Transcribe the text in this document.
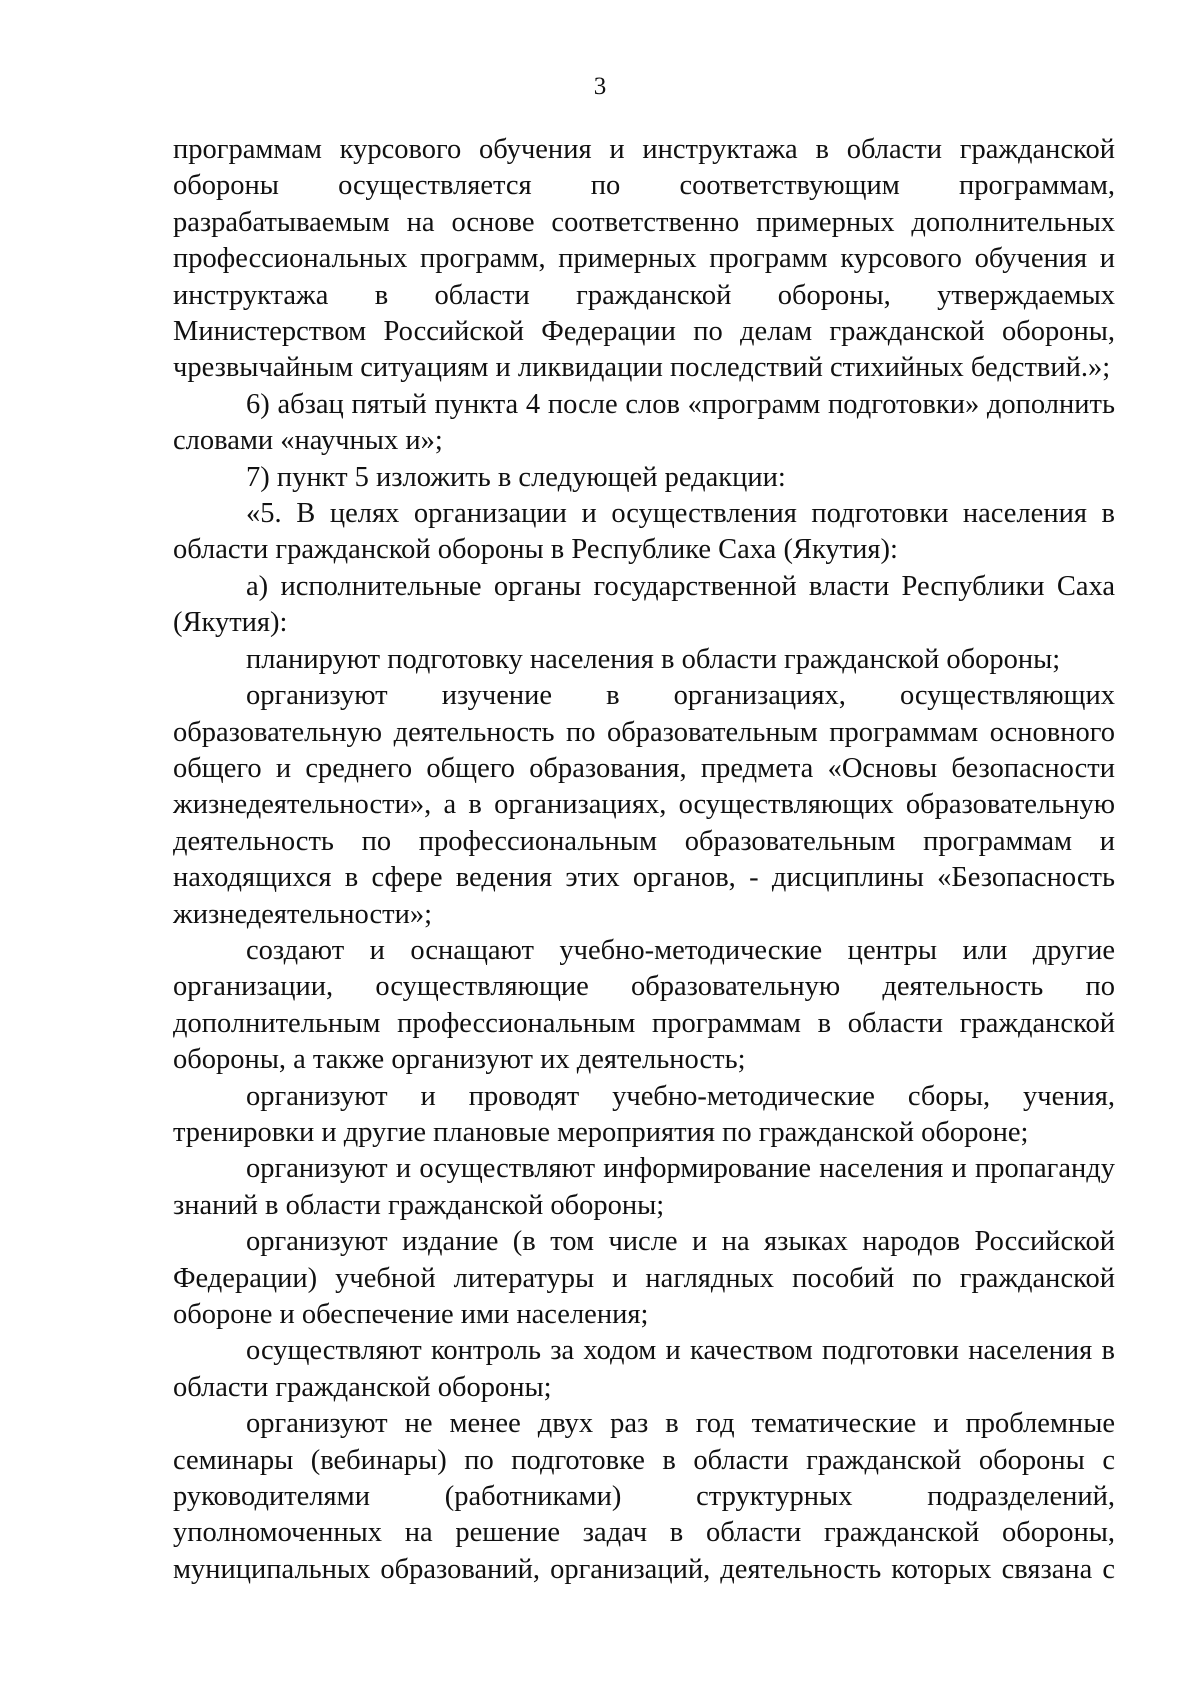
3

программам курсового обучения и инструктажа в области гражданской обороны осуществляется по соответствующим программам, разрабатываемым на основе соответственно примерных дополнительных профессиональных программ, примерных программ курсового обучения и инструктажа в области гражданской обороны, утверждаемых Министерством Российской Федерации по делам гражданской обороны, чрезвычайным ситуациям и ликвидации последствий стихийных бедствий.»;

6) абзац пятый пункта 4 после слов «программ подготовки» дополнить словами «научных и»;

7) пункт 5 изложить в следующей редакции:

«5. В целях организации и осуществления подготовки населения в области гражданской обороны в Республике Саха (Якутия):

а) исполнительные органы государственной власти Республики Саха (Якутия):

планируют подготовку населения в области гражданской обороны;

организуют изучение в организациях, осуществляющих образовательную деятельность по образовательным программам основного общего и среднего общего образования, предмета «Основы безопасности жизнедеятельности», а в организациях, осуществляющих образовательную деятельность по профессиональным образовательным программам и находящихся в сфере ведения этих органов, - дисциплины «Безопасность жизнедеятельности»;

создают и оснащают учебно-методические центры или другие организации, осуществляющие образовательную деятельность по дополнительным профессиональным программам в области гражданской обороны, а также организуют их деятельность;

организуют и проводят учебно-методические сборы, учения, тренировки и другие плановые мероприятия по гражданской обороне;

организуют и осуществляют информирование населения и пропаганду знаний в области гражданской обороны;

организуют издание (в том числе и на языках народов Российской Федерации) учебной литературы и наглядных пособий по гражданской обороне и обеспечение ими населения;

осуществляют контроль за ходом и качеством подготовки населения в области гражданской обороны;

организуют не менее двух раз в год тематические и проблемные семинары (вебинары) по подготовке в области гражданской обороны с руководителями (работниками) структурных подразделений, уполномоченных на решение задач в области гражданской обороны, муниципальных образований, организаций, деятельность которых связана с
